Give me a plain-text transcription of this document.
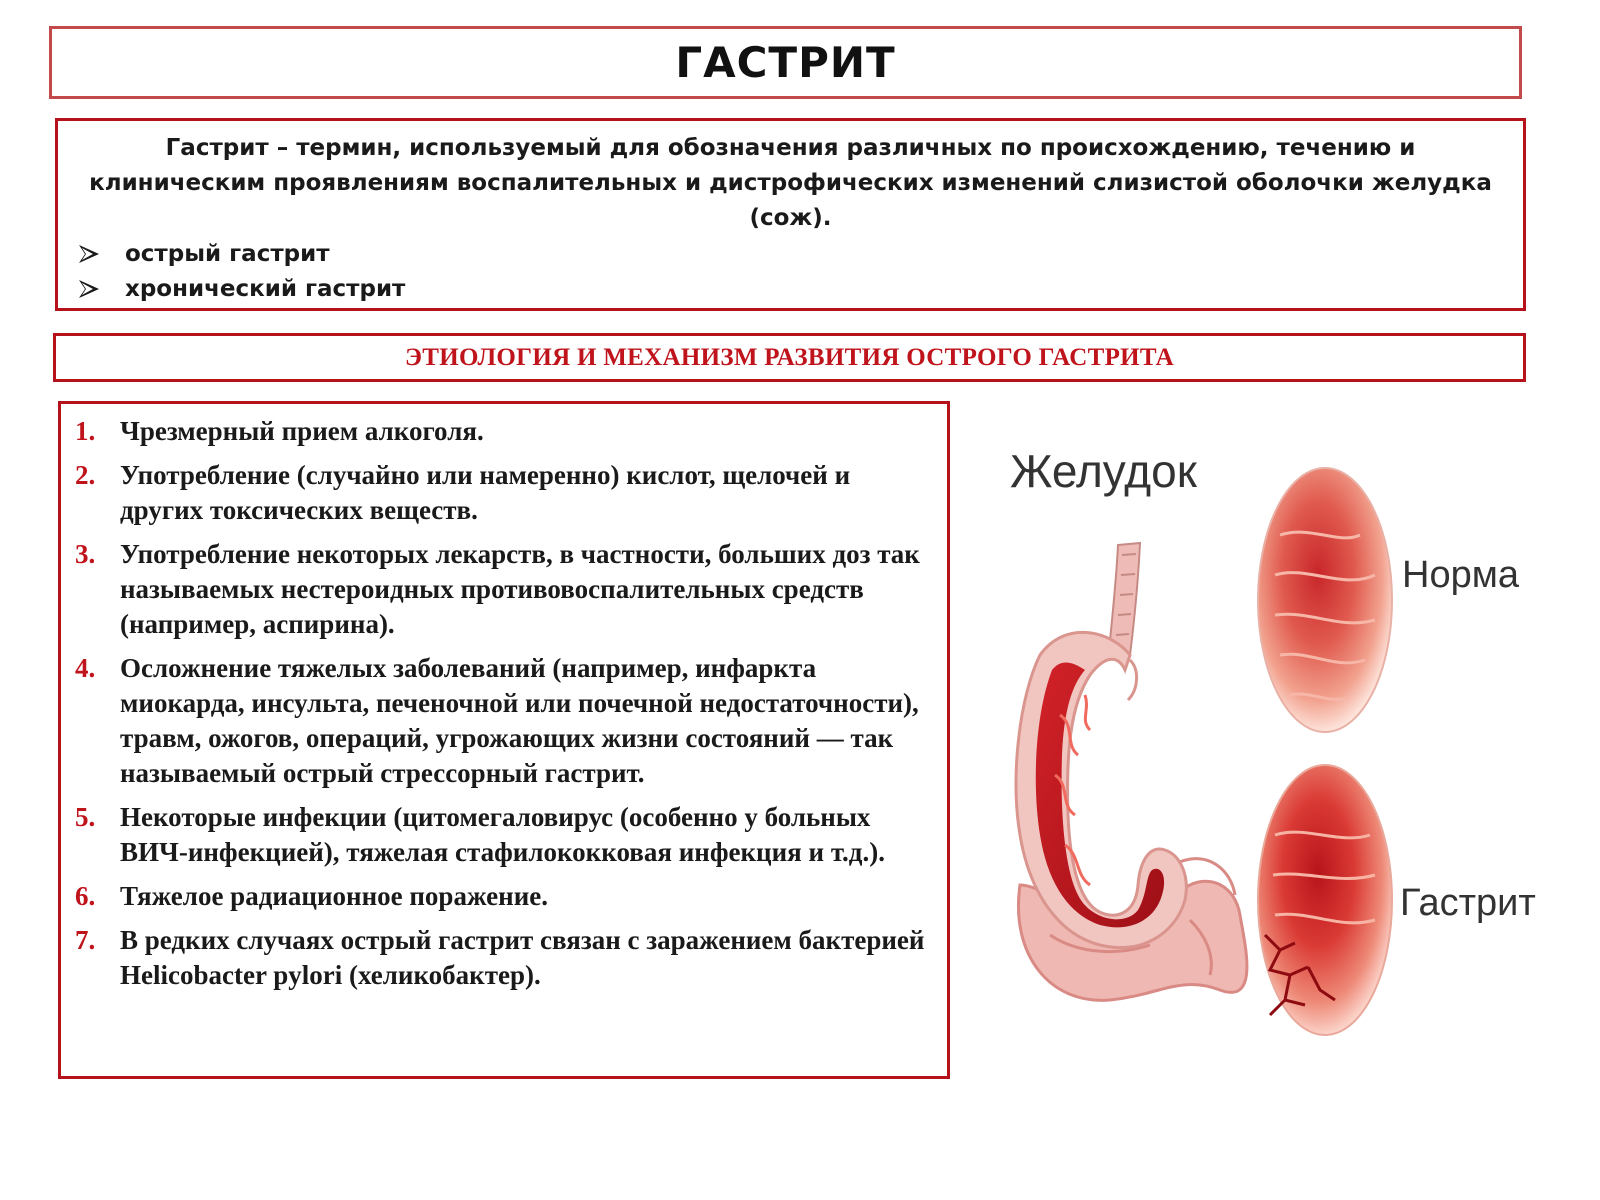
ГАСТРИТ

Гастрит – термин, используемый для обозначения различных по происхождению, течению и клиническим проявлениям воспалительных и дистрофических изменений слизистой оболочки желудка (сож).

острый гастрит
хронический гастрит
ЭТИОЛОГИЯ И МЕХАНИЗМ РАЗВИТИЯ ОСТРОГО ГАСТРИТА
1. Чрезмерный прием алкоголя.
2. Употребление (случайно или намеренно) кислот, щелочей и других токсических веществ.
3. Употребление некоторых лекарств, в частности, больших доз так называемых нестероидных противовоспалительных средств (например, аспирина).
4. Осложнение тяжелых заболеваний (например, инфаркта миокарда, инсульта, печеночной или почечной недостаточности), травм, ожогов, операций, угрожающих жизни состояний — так называемый острый стрессорный гастрит.
5. Некоторые инфекции (цитомегаловирус (особенно у больных ВИЧ-инфекцией), тяжелая стафилококковая инфекция и т.д.).
6. Тяжелое радиационное поражение.
7. В редких случаях острый гастрит связан с заражением бактерией Helicobacter pylori (хеликобактер).
Желудок
Норма
Гастрит
